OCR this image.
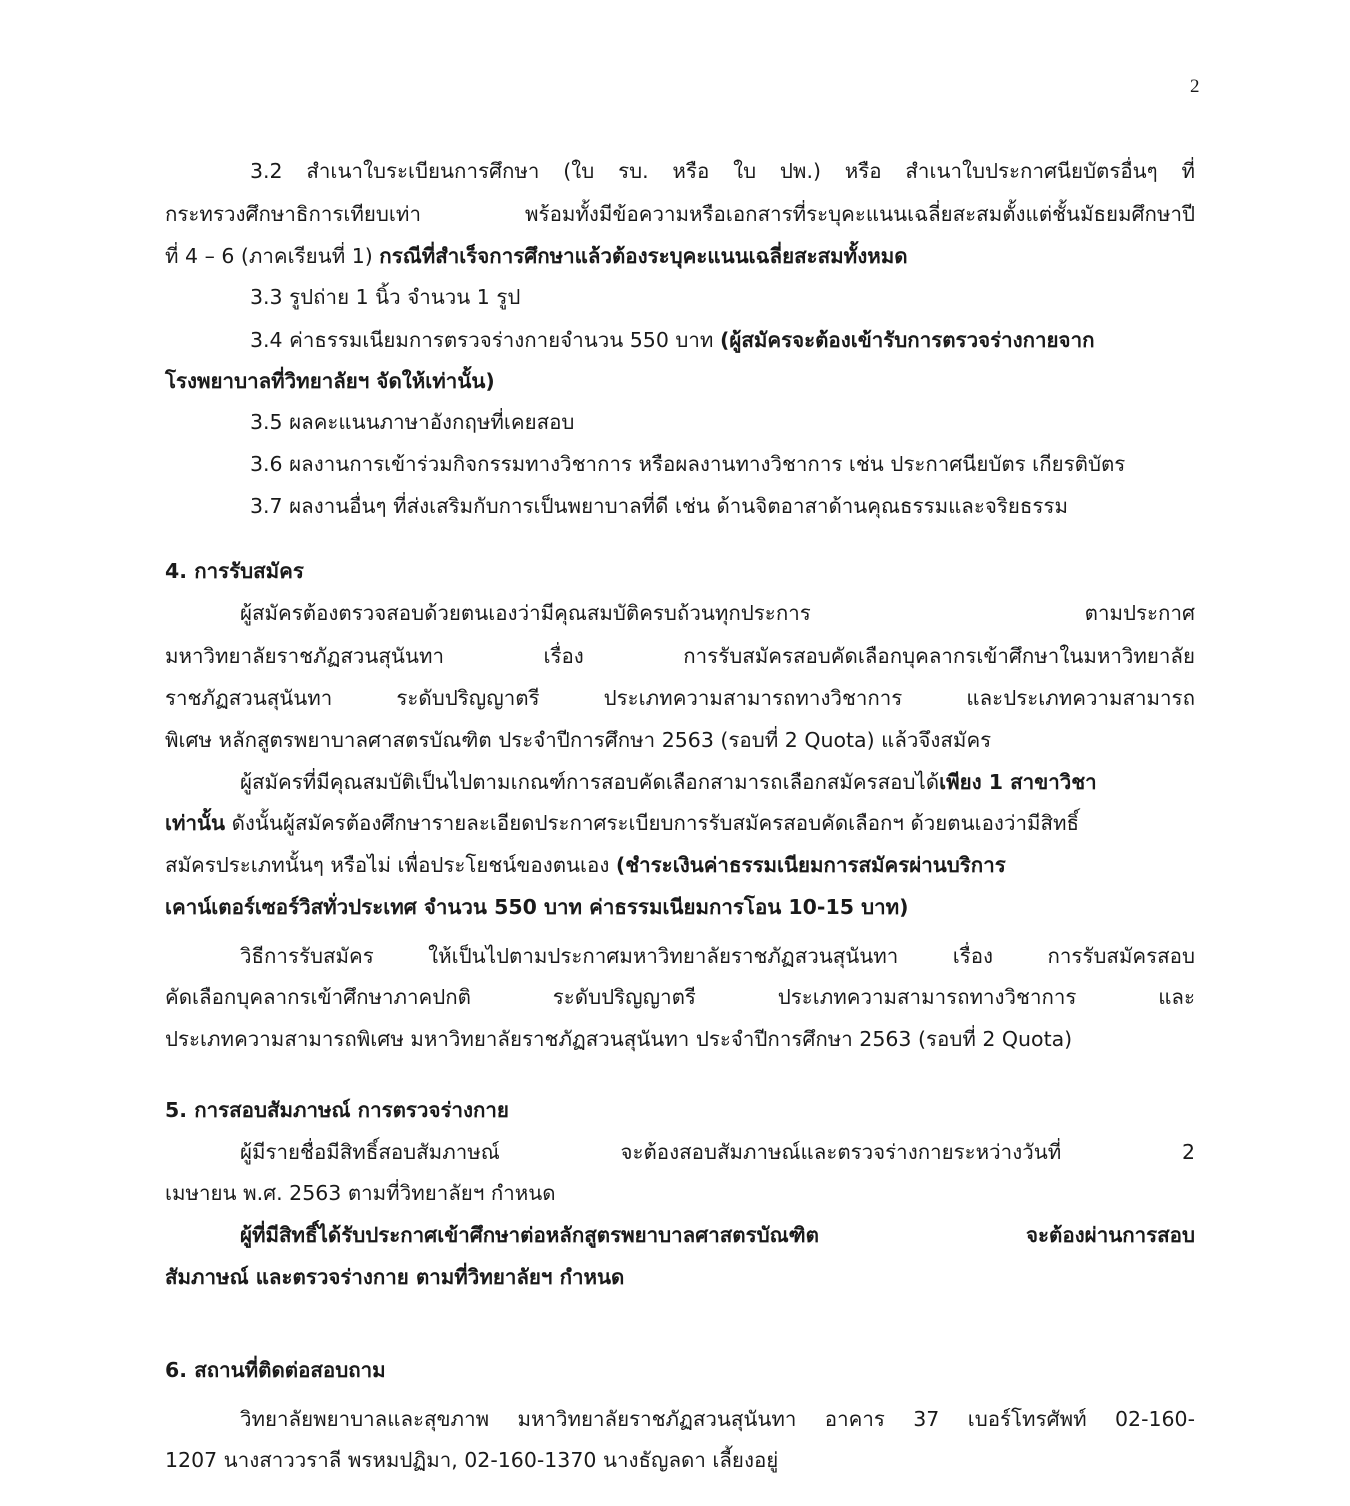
2
3.2 สำเนาใบระเบียนการศึกษา (ใบ รบ. หรือ ใบ ปพ.) หรือ สำเนาใบประกาศนียบัตรอื่นๆ ที่
กระทรวงศึกษาธิการเทียบเท่า พร้อมทั้งมีข้อความหรือเอกสารที่ระบุคะแนนเฉลี่ยสะสมตั้งแต่ชั้นมัธยมศึกษาปี
ที่ 4 – 6 (ภาคเรียนที่ 1) กรณีที่สำเร็จการศึกษาแล้วต้องระบุคะแนนเฉลี่ยสะสมทั้งหมด
3.3 รูปถ่าย 1 นิ้ว จำนวน 1 รูป
3.4 ค่าธรรมเนียมการตรวจร่างกายจำนวน 550 บาท (ผู้สมัครจะต้องเข้ารับการตรวจร่างกายจาก
โรงพยาบาลที่วิทยาลัยฯ จัดให้เท่านั้น)
3.5 ผลคะแนนภาษาอังกฤษที่เคยสอบ
3.6 ผลงานการเข้าร่วมกิจกรรมทางวิชาการ หรือผลงานทางวิชาการ เช่น ประกาศนียบัตร เกียรติบัตร
3.7 ผลงานอื่นๆ ที่ส่งเสริมกับการเป็นพยาบาลที่ดี เช่น ด้านจิตอาสาด้านคุณธรรมและจริยธรรม
4. การรับสมัคร
ผู้สมัครต้องตรวจสอบด้วยตนเองว่ามีคุณสมบัติครบถ้วนทุกประการ ตามประกาศ
มหาวิทยาลัยราชภัฏสวนสุนันทา เรื่อง การรับสมัครสอบคัดเลือกบุคลากรเข้าศึกษาในมหาวิทยาลัย
ราชภัฏสวนสุนันทา ระดับปริญญาตรี ประเภทความสามารถทางวิชาการ และประเภทความสามารถ
พิเศษ หลักสูตรพยาบาลศาสตรบัณฑิต ประจำปีการศึกษา 2563 (รอบที่ 2 Quota) แล้วจึงสมัคร
ผู้สมัครที่มีคุณสมบัติเป็นไปตามเกณฑ์การสอบคัดเลือกสามารถเลือกสมัครสอบได้เพียง 1 สาขาวิชา
เท่านั้น ดังนั้นผู้สมัครต้องศึกษารายละเอียดประกาศระเบียบการรับสมัครสอบคัดเลือกฯ ด้วยตนเองว่ามีสิทธิ์
สมัครประเภทนั้นๆ หรือไม่ เพื่อประโยชน์ของตนเอง (ชำระเงินค่าธรรมเนียมการสมัครผ่านบริการ
เคาน์เตอร์เซอร์วิสทั่วประเทศ จำนวน 550 บาท ค่าธรรมเนียมการโอน 10-15 บาท)
วิธีการรับสมัคร ให้เป็นไปตามประกาศมหาวิทยาลัยราชภัฏสวนสุนันทา เรื่อง การรับสมัครสอบ
คัดเลือกบุคลากรเข้าศึกษาภาคปกติ ระดับปริญญาตรี ประเภทความสามารถทางวิชาการ และ
ประเภทความสามารถพิเศษ มหาวิทยาลัยราชภัฏสวนสุนันทา ประจำปีการศึกษา 2563 (รอบที่ 2 Quota)
5. การสอบสัมภาษณ์ การตรวจร่างกาย
ผู้มีรายชื่อมีสิทธิ์สอบสัมภาษณ์ จะต้องสอบสัมภาษณ์และตรวจร่างกายระหว่างวันที่ 2
เมษายน พ.ศ. 2563 ตามที่วิทยาลัยฯ กำหนด
ผู้ที่มีสิทธิ์ได้รับประกาศเข้าศึกษาต่อหลักสูตรพยาบาลศาสตรบัณฑิต จะต้องผ่านการสอบ
สัมภาษณ์ และตรวจร่างกาย ตามที่วิทยาลัยฯ กำหนด
6. สถานที่ติดต่อสอบถาม
วิทยาลัยพยาบาลและสุขภาพ มหาวิทยาลัยราชภัฏสวนสุนันทา อาคาร 37 เบอร์โทรศัพท์ 02-160-
1207 นางสาววราลี พรหมปฏิมา, 02-160-1370 นางธัญลดา เลี้ยงอยู่
